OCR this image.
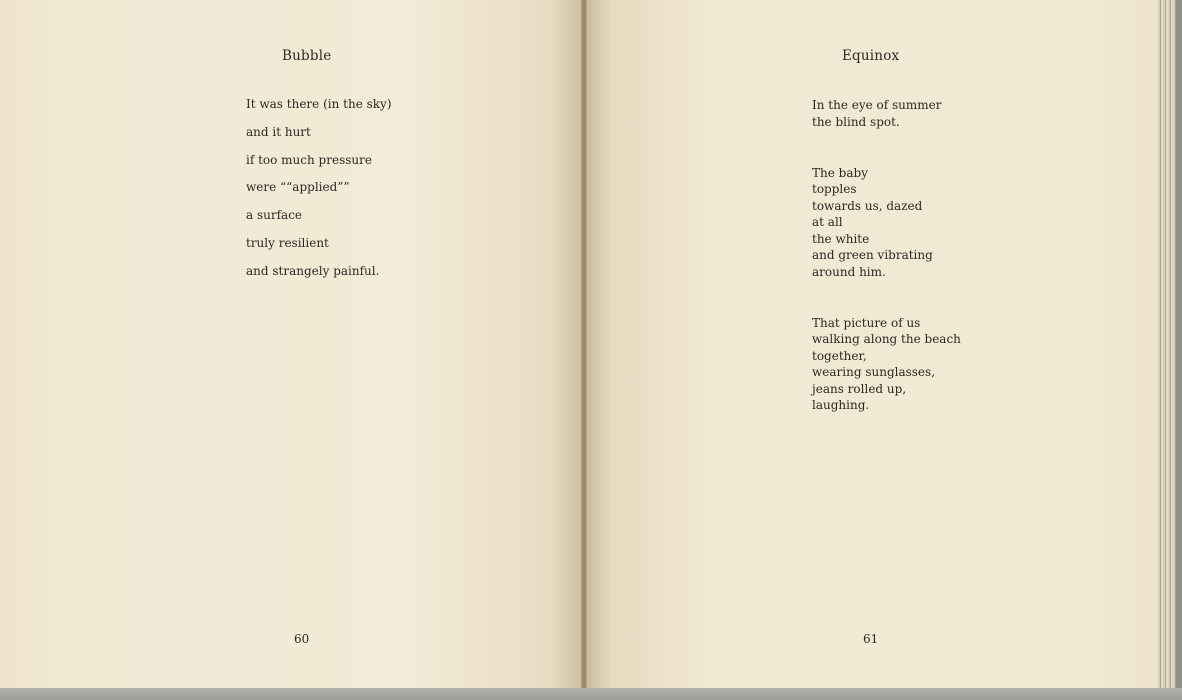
Bubble
It was there (in the sky)
and it hurt
if too much pressure
were ““applied””
a surface
truly resilient
and strangely painful.
60
Equinox
In the eye of summer
the blind spot.
The baby
topples
towards us, dazed
at all
the white
and green vibrating
around him.
That picture of us
walking along the beach
together,
wearing sunglasses,
jeans rolled up,
laughing.
61
